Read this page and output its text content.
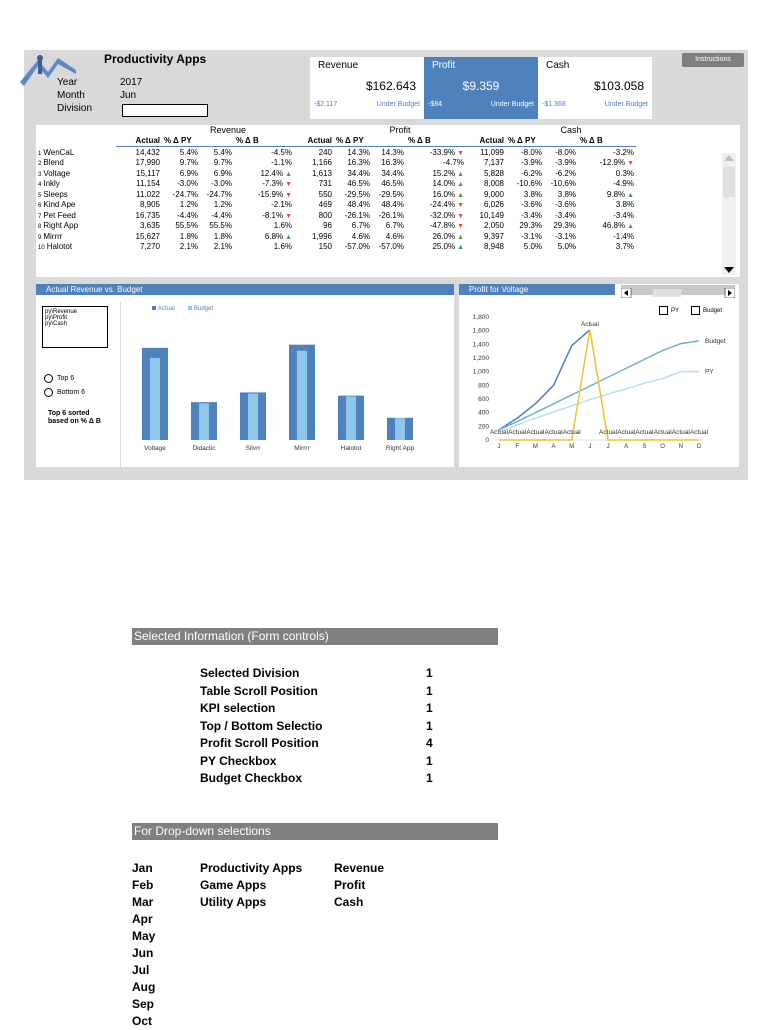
Productivity Apps
Year	2017
Month	Jun
Division
Revenue
$162.643
-$2.117	Under Budget
Profit
$9.359
-$84	Under Budget
Cash
$103.058
-$1.368	Under Budget
Instructions
		Revenue				Profit				Cash		
	Actual	% Δ PY		% Δ B	Actual	% Δ PY		% Δ B	Actual	% Δ PY		% Δ B
1 WenCaL	14,432	5.4%	5.4%	-4.5%	240	14.3%	14.3%	-33.9% ▼	11,099	-8.0%	-8.0%	-3.2%
2 Blend	17,990	9.7%	9.7%	-1.1%	1,166	16.3%	16.3%	-4.7%	7,137	-3.9%	-3.9%	-12.9% ▼
3 Voltage	15,117	6.9%	6.9%	12.4% ▲	1,613	34.4%	34.4%	15.2% ▲	5,828	-6.2%	-6.2%	0.3%
4 Inkly	11,154	-3.0%	-3.0%	-7.3% ▼	731	46.5%	46.5%	14.0% ▲	8,008	-10.6%	-10.6%	-4.9%
5 Sleeps	11,022	-24.7%	-24.7%	-15.9% ▼	550	-29.5%	-29.5%	16.0% ▲	9,000	3.8%	3.8%	9.8% ▲
6 Kind Ape	8,905	1.2%	1.2%	-2.1%	469	48.4%	48.4%	-24.4% ▼	6,026	-3.6%	-3.6%	3.8%
7 Pet Feed	16,735	-4.4%	-4.4%	-8.1% ▼	800	-26.1%	-26.1%	-32.0% ▼	10,149	-3.4%	-3.4%	-3.4%
8 Right App	3,635	55.5%	55.5%	1.6%	96	6.7%	6.7%	-47.8% ▼	2,050	29.3%	29.3%	46.8% ▲
9 Mirrrr	15,627	1.8%	1.8%	6.8% ▲	1,996	4.6%	4.6%	26.0% ▲	9,397	-3.1%	-3.1%	-1.4%
10 Halotot	7,270	2.1%	2.1%	1.6%	150	-57.0%	-57.0%	25.0% ▲	8,948	5.0%	5.0%	3.7%
Actual Revenue vs. Budget
py\Revenue
py\Profit
py\Cash
Top 6
Bottom 6
Top 6 sorted based on % Δ B
Actual	Budget
Voltage	Didactic	Silvrr	Mirrrr	Halotot	Right App
Profit for Voltage
PY	Budget
1,800
1,600
1,400
1,200
1,000
800
600
400
200
0
J F M A M J	J A S O N D
Actual Actual Actual Actual Actual
Actual
Actual Actual Actual Actual Actual Actual
Budget
PY
Selected Information (Form controls)
Selected Division	1
Table Scroll Position	1
KPI selection	1
Top / Bottom Selectio	1
Profit Scroll Position	4
PY Checkbox	1
Budget Checkbox	1
For Drop-down selections
Jan
Feb
Mar
Apr
May
Jun
Jul
Aug
Sep
Oct
Productivity Apps
Game Apps
Utility Apps
Revenue
Profit
Cash
